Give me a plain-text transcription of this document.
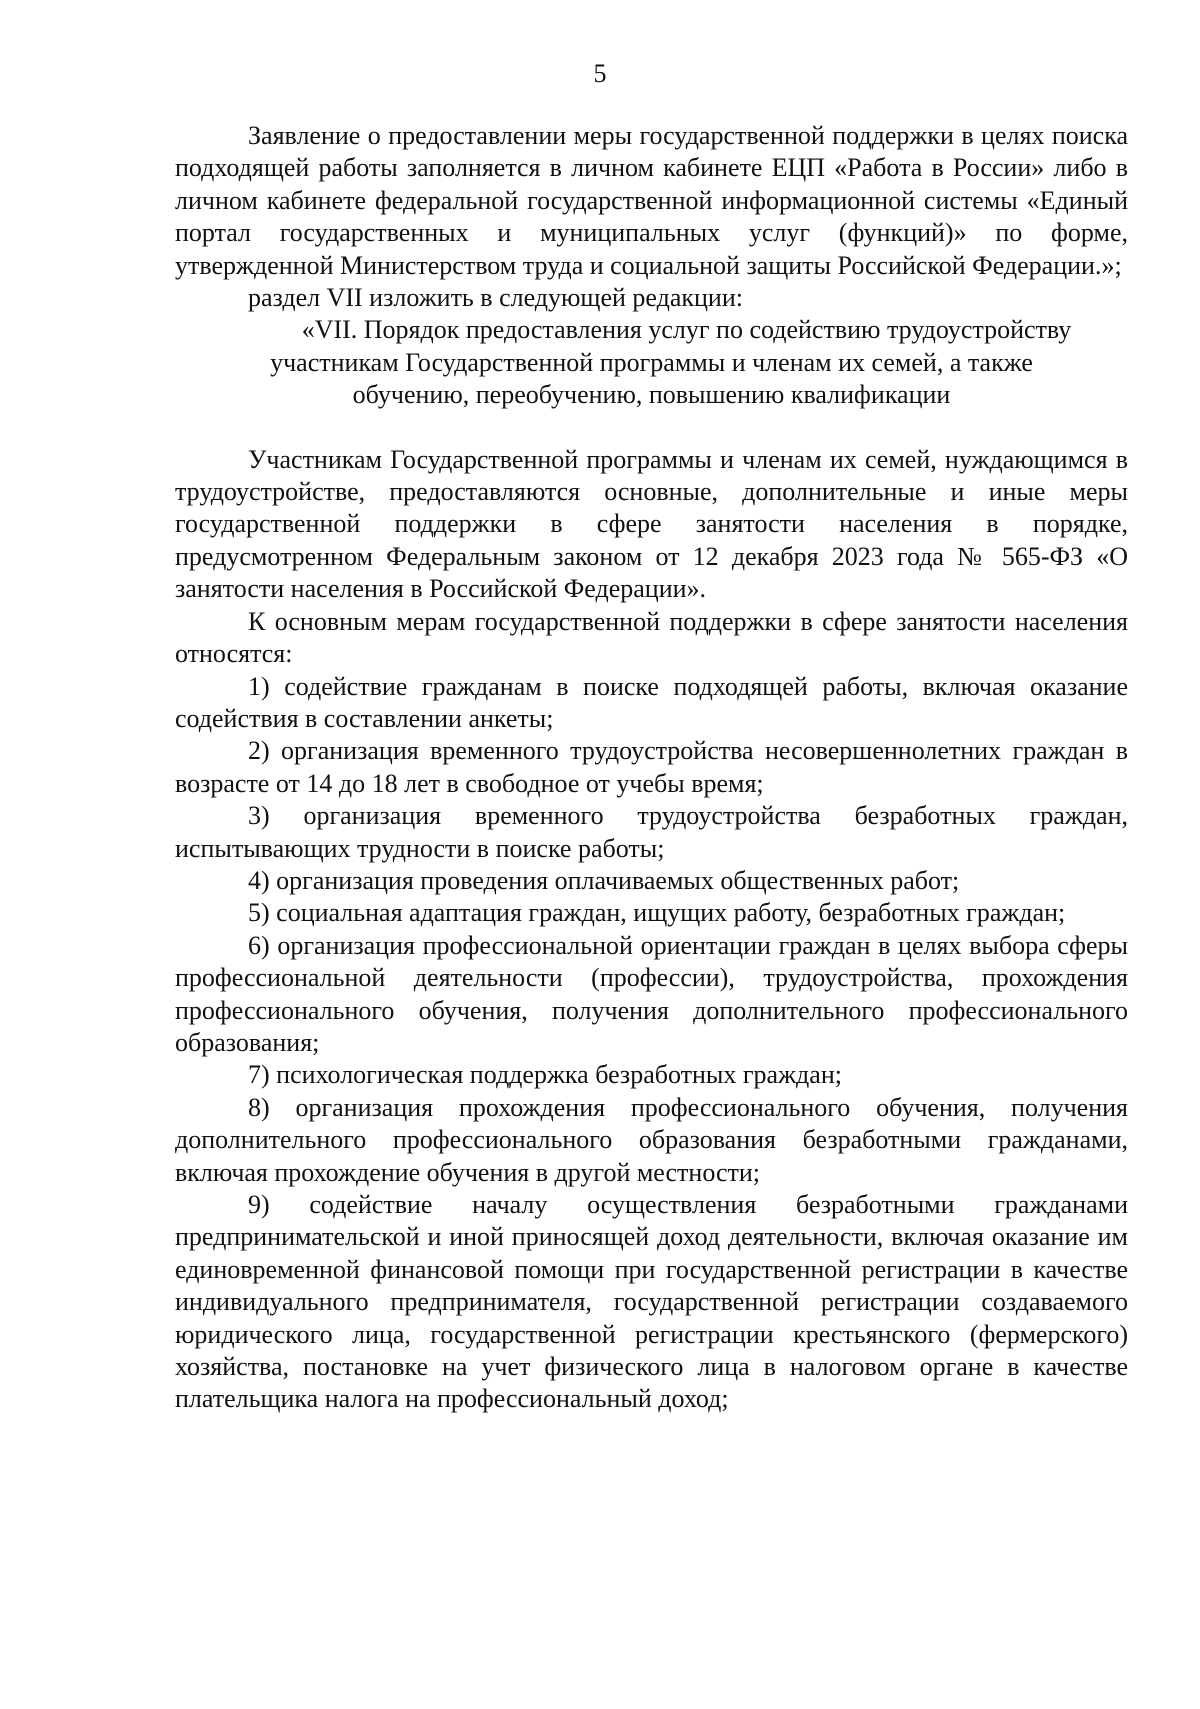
5

Заявление о предоставлении меры государственной поддержки в целях поиска подходящей работы заполняется в личном кабинете ЕЦП «Работа в России» либо в личном кабинете федеральной государственной информационной системы «Единый портал государственных и муниципальных услуг (функций)» по форме, утвержденной Министерством труда и социальной защиты Российской Федерации.»;

раздел VII изложить в следующей редакции:

«VII. Порядок предоставления услуг по содействию трудоустройству
участникам Государственной программы и членам их семей, а также
обучению, переобучению, повышению квалификации

Участникам Государственной программы и членам их семей, нуждающимся в трудоустройстве, предоставляются основные, дополнительные и иные меры государственной поддержки в сфере занятости населения в порядке, предусмотренном Федеральным законом от 12 декабря 2023 года № 565-ФЗ «О занятости населения в Российской Федерации».

К основным мерам государственной поддержки в сфере занятости населения относятся:

1) содействие гражданам в поиске подходящей работы, включая оказание содействия в составлении анкеты;

2) организация временного трудоустройства несовершеннолетних граждан в возрасте от 14 до 18 лет в свободное от учебы время;

3) организация временного трудоустройства безработных граждан, испытывающих трудности в поиске работы;

4) организация проведения оплачиваемых общественных работ;

5) социальная адаптация граждан, ищущих работу, безработных граждан;

6) организация профессиональной ориентации граждан в целях выбора сферы профессиональной деятельности (профессии), трудоустройства, прохождения профессионального обучения, получения дополнительного профессионального образования;

7) психологическая поддержка безработных граждан;

8) организация прохождения профессионального обучения, получения дополнительного профессионального образования безработными гражданами, включая прохождение обучения в другой местности;

9) содействие началу осуществления безработными гражданами предпринимательской и иной приносящей доход деятельности, включая оказание им единовременной финансовой помощи при государственной регистрации в качестве индивидуального предпринимателя, государственной регистрации создаваемого юридического лица, государственной регистрации крестьянского (фермерского) хозяйства, постановке на учет физического лица в налоговом органе в качестве плательщика налога на профессиональный доход;
